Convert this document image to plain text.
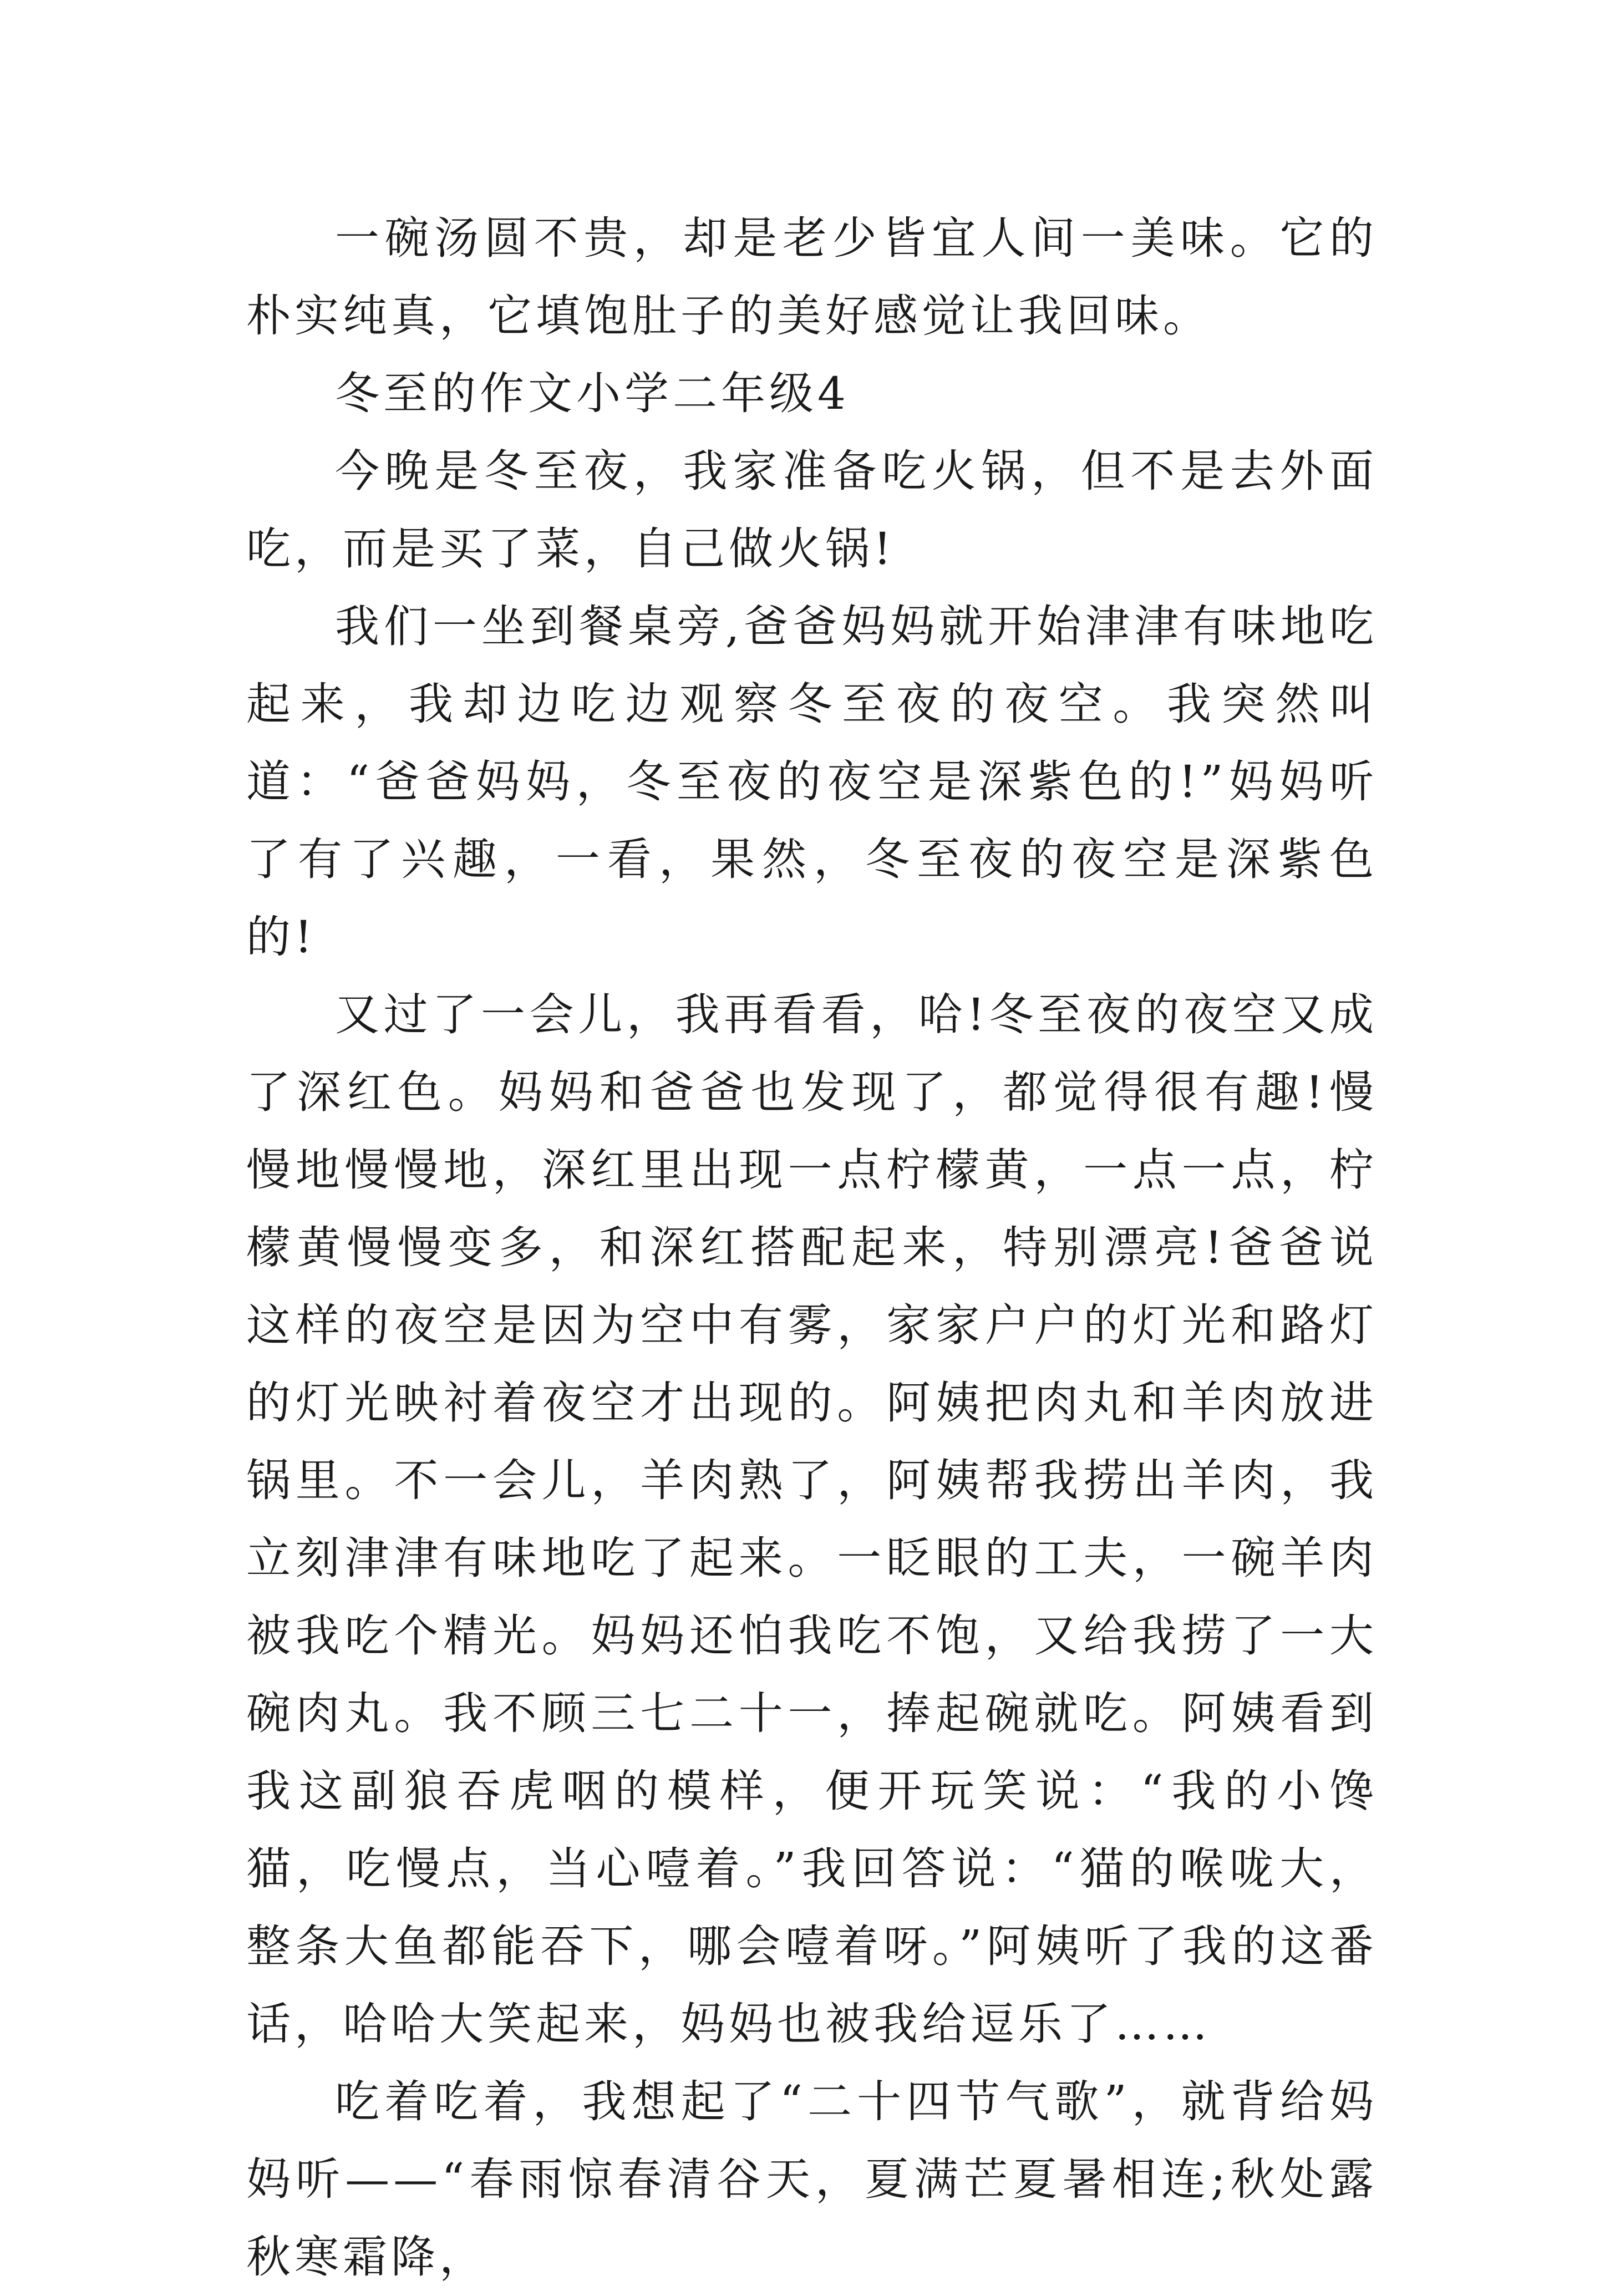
一碗汤圆不贵，却是老少皆宜人间一美味。它的朴实纯真，它填饱肚子的美好感觉让我回味。

冬至的作文小学二年级4

今晚是冬至夜，我家准备吃火锅，但不是去外面吃，而是买了菜，自己做火锅!

我们一坐到餐桌旁,爸爸妈妈就开始津津有味地吃起来，我却边吃边观察冬至夜的夜空。我突然叫道：“爸爸妈妈，冬至夜的夜空是深紫色的!”妈妈听了有了兴趣，一看，果然，冬至夜的夜空是深紫色的!

又过了一会儿，我再看看，哈!冬至夜的夜空又成了深红色。妈妈和爸爸也发现了，都觉得很有趣!慢慢地慢慢地，深红里出现一点柠檬黄，一点一点，柠檬黄慢慢变多，和深红搭配起来，特别漂亮!爸爸说这样的夜空是因为空中有雾，家家户户的灯光和路灯的灯光映衬着夜空才出现的。阿姨把肉丸和羊肉放进锅里。不一会儿，羊肉熟了，阿姨帮我捞出羊肉，我立刻津津有味地吃了起来。一眨眼的工夫，一碗羊肉被我吃个精光。妈妈还怕我吃不饱，又给我捞了一大碗肉丸。我不顾三七二十一，捧起碗就吃。阿姨看到我这副狼吞虎咽的模样，便开玩笑说：“我的小馋猫，吃慢点，当心噎着。”我回答说：“猫的喉咙大，整条大鱼都能吞下，哪会噎着呀。”阿姨听了我的这番话，哈哈大笑起来，妈妈也被我给逗乐了……

吃着吃着，我想起了“二十四节气歌”，就背给妈妈听——“春雨惊春清谷天，夏满芒夏暑相连;秋处露秋寒霜降，
